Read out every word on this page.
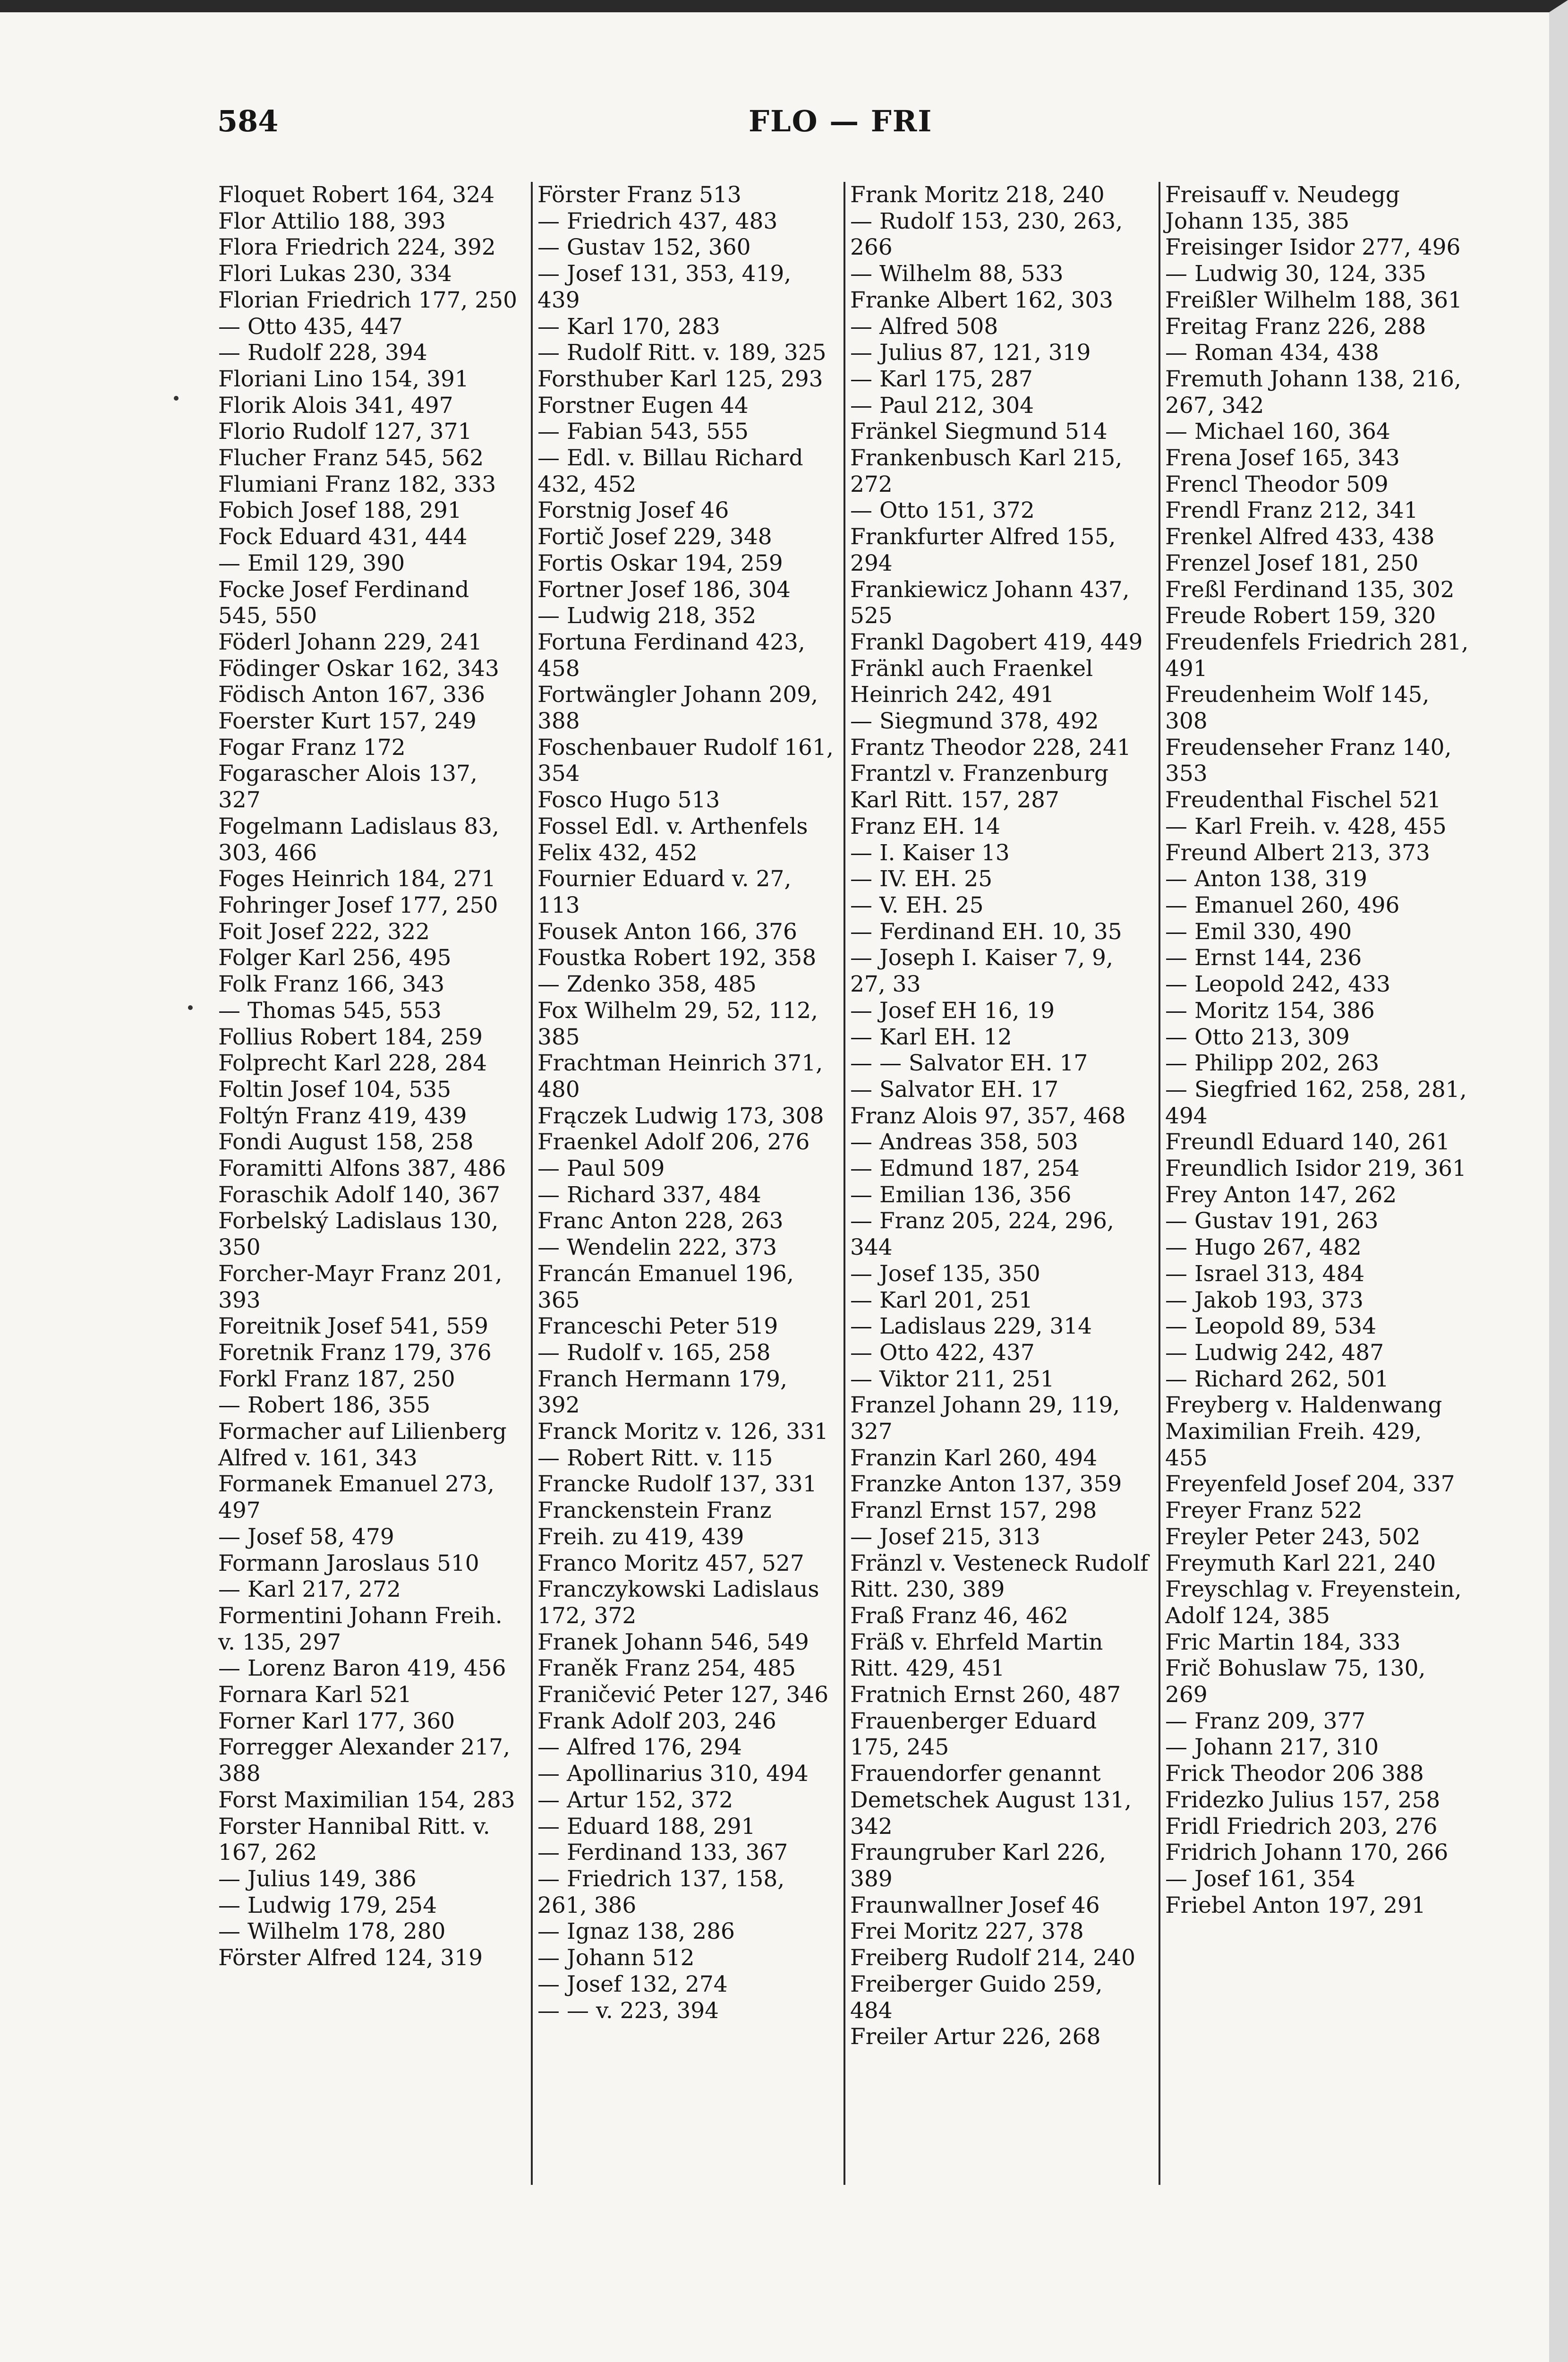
584	FLO — FRI

Floquet Robert 164, 324

Flor Attilio 188, 393

Flora Friedrich 224, 392

Flori Lukas 230, 334

Florian Friedrich 177, 250

— Otto 435, 447

— Rudolf 228, 394

Floriani Lino 154, 391

Florik Alois 341, 497

Florio Rudolf 127, 371

Flucher Franz 545, 562

Flumiani Franz 182, 333

Fobich Josef 188, 291

Fock Eduard 431, 444

— Emil 129, 390

Focke Josef Ferdinand 545, 550

Föderl Johann 229, 241

Födinger Oskar 162, 343

Födisch Anton 167, 336

Foerster Kurt 157, 249

Fogar Franz 172

Fogarascher Alois 137, 327

Fogelmann Ladislaus 83, 303, 466

Foges Heinrich 184, 271

Fohringer Josef 177, 250

Foit Josef 222, 322

Folger Karl 256, 495

Folk Franz 166, 343

— Thomas 545, 553

Follius Robert 184, 259

Folprecht Karl 228, 284

Foltin Josef 104, 535

Foltýn Franz 419, 439

Fondi August 158, 258

Foramitti Alfons 387, 486

Foraschik Adolf 140, 367

Forbelský Ladislaus 130, 350

Forcher-Mayr Franz 201, 393

Foreitnik Josef 541, 559

Foretnik Franz 179, 376

Forkl Franz 187, 250

— Robert 186, 355

Formacher auf Lilienberg Alfred v. 161, 343

Formanek Emanuel 273, 497

— Josef 58, 479

Formann Jaroslaus 510

— Karl 217, 272

Formentini Johann Freih. v. 135, 297

— Lorenz Baron 419, 456

Fornara Karl 521

Forner Karl 177, 360

Forregger Alexander 217, 388

Forst Maximilian 154, 283

Forster Hannibal Ritt. v. 167, 262

— Julius 149, 386

— Ludwig 179, 254

— Wilhelm 178, 280

Förster Alfred 124, 319

Förster Franz 513

— Friedrich 437, 483

— Gustav 152, 360

— Josef 131, 353, 419, 439

— Karl 170, 283

— Rudolf Ritt. v. 189, 325

Forsthuber Karl 125, 293

Forstner Eugen 44

— Fabian 543, 555

— Edl. v. Billau Richard 432, 452

Forstnig Josef 46

Fortič Josef 229, 348

Fortis Oskar 194, 259

Fortner Josef 186, 304

— Ludwig 218, 352

Fortuna Ferdinand 423, 458

Fortwängler Johann 209, 388

Foschenbauer Rudolf 161, 354

Fosco Hugo 513

Fossel Edl. v. Arthenfels Felix 432, 452

Fournier Eduard v. 27, 113

Fousek Anton 166, 376

Foustka Robert 192, 358

— Zdenko 358, 485

Fox Wilhelm 29, 52, 112, 385

Frachtman Heinrich 371, 480

Frączek Ludwig 173, 308

Fraenkel Adolf 206, 276

— Paul 509

— Richard 337, 484

Franc Anton 228, 263

— Wendelin 222, 373

Francán Emanuel 196, 365

Franceschi Peter 519

— Rudolf v. 165, 258

Franch Hermann 179, 392

Franck Moritz v. 126, 331

— Robert Ritt. v. 115

Francke Rudolf 137, 331

Franckenstein Franz Freih. zu 419, 439

Franco Moritz 457, 527

Franczykowski Ladislaus 172, 372

Franek Johann 546, 549

Franěk Franz 254, 485

Franičević Peter 127, 346

Frank Adolf 203, 246

— Alfred 176, 294

— Apollinarius 310, 494

— Artur 152, 372

— Eduard 188, 291

— Ferdinand 133, 367

— Friedrich 137, 158, 261, 386

— Ignaz 138, 286

— Johann 512

— Josef 132, 274

— — v. 223, 394

Frank Moritz 218, 240

— Rudolf 153, 230, 263, 266

— Wilhelm 88, 533

Franke Albert 162, 303

— Alfred 508

— Julius 87, 121, 319

— Karl 175, 287

— Paul 212, 304

Fränkel Siegmund 514

Frankenbusch Karl 215, 272

— Otto 151, 372

Frankfurter Alfred 155, 294

Frankiewicz Johann 437, 525

Frankl Dagobert 419, 449

Fränkl auch Fraenkel Heinrich 242, 491

— Siegmund 378, 492

Frantz Theodor 228, 241

Frantzl v. Franzenburg Karl Ritt. 157, 287

Franz EH. 14

— I. Kaiser 13

— IV. EH. 25

— V. EH. 25

— Ferdinand EH. 10, 35

— Joseph I. Kaiser 7, 9, 27, 33

— Josef EH 16, 19

— Karl EH. 12

— — Salvator EH. 17

— Salvator EH. 17

Franz Alois 97, 357, 468

— Andreas 358, 503

— Edmund 187, 254

— Emilian 136, 356

— Franz 205, 224, 296, 344

— Josef 135, 350

— Karl 201, 251

— Ladislaus 229, 314

— Otto 422, 437

— Viktor 211, 251

Franzel Johann 29, 119, 327

Franzin Karl 260, 494

Franzke Anton 137, 359

Franzl Ernst 157, 298

— Josef 215, 313

Fränzl v. Vesteneck Rudolf Ritt. 230, 389

Fraß Franz 46, 462

Fräß v. Ehrfeld Martin Ritt. 429, 451

Fratnich Ernst 260, 487

Frauenberger Eduard 175, 245

Frauendorfer genannt Demetschek August 131, 342

Fraungruber Karl 226, 389

Fraunwallner Josef 46

Frei Moritz 227, 378

Freiberg Rudolf 214, 240

Freiberger Guido 259, 484

Freiler Artur 226, 268

Freisauff v. Neudegg Johann 135, 385

Freisinger Isidor 277, 496

— Ludwig 30, 124, 335

Freißler Wilhelm 188, 361

Freitag Franz 226, 288

— Roman 434, 438

Fremuth Johann 138, 216, 267, 342

— Michael 160, 364

Frena Josef 165, 343

Frencl Theodor 509

Frendl Franz 212, 341

Frenkel Alfred 433, 438

Frenzel Josef 181, 250

Freßl Ferdinand 135, 302

Freude Robert 159, 320

Freudenfels Friedrich 281, 491

Freudenheim Wolf 145, 308

Freudenseher Franz 140, 353

Freudenthal Fischel 521

— Karl Freih. v. 428, 455

Freund Albert 213, 373

— Anton 138, 319

— Emanuel 260, 496

— Emil 330, 490

— Ernst 144, 236

— Leopold 242, 433

— Moritz 154, 386

— Otto 213, 309

— Philipp 202, 263

— Siegfried 162, 258, 281, 494

Freundl Eduard 140, 261

Freundlich Isidor 219, 361

Frey Anton 147, 262

— Gustav 191, 263

— Hugo 267, 482

— Israel 313, 484

— Jakob 193, 373

— Leopold 89, 534

— Ludwig 242, 487

— Richard 262, 501

Freyberg v. Haldenwang Maximilian Freih. 429, 455

Freyenfeld Josef 204, 337

Freyer Franz 522

Freyler Peter 243, 502

Freymuth Karl 221, 240

Freyschlag v. Freyenstein, Adolf 124, 385

Fric Martin 184, 333

Frič Bohuslaw 75, 130, 269

— Franz 209, 377

— Johann 217, 310

Frick Theodor 206 388

Fridezko Julius 157, 258

Fridl Friedrich 203, 276

Fridrich Johann 170, 266

— Josef 161, 354

Friebel Anton 197, 291
